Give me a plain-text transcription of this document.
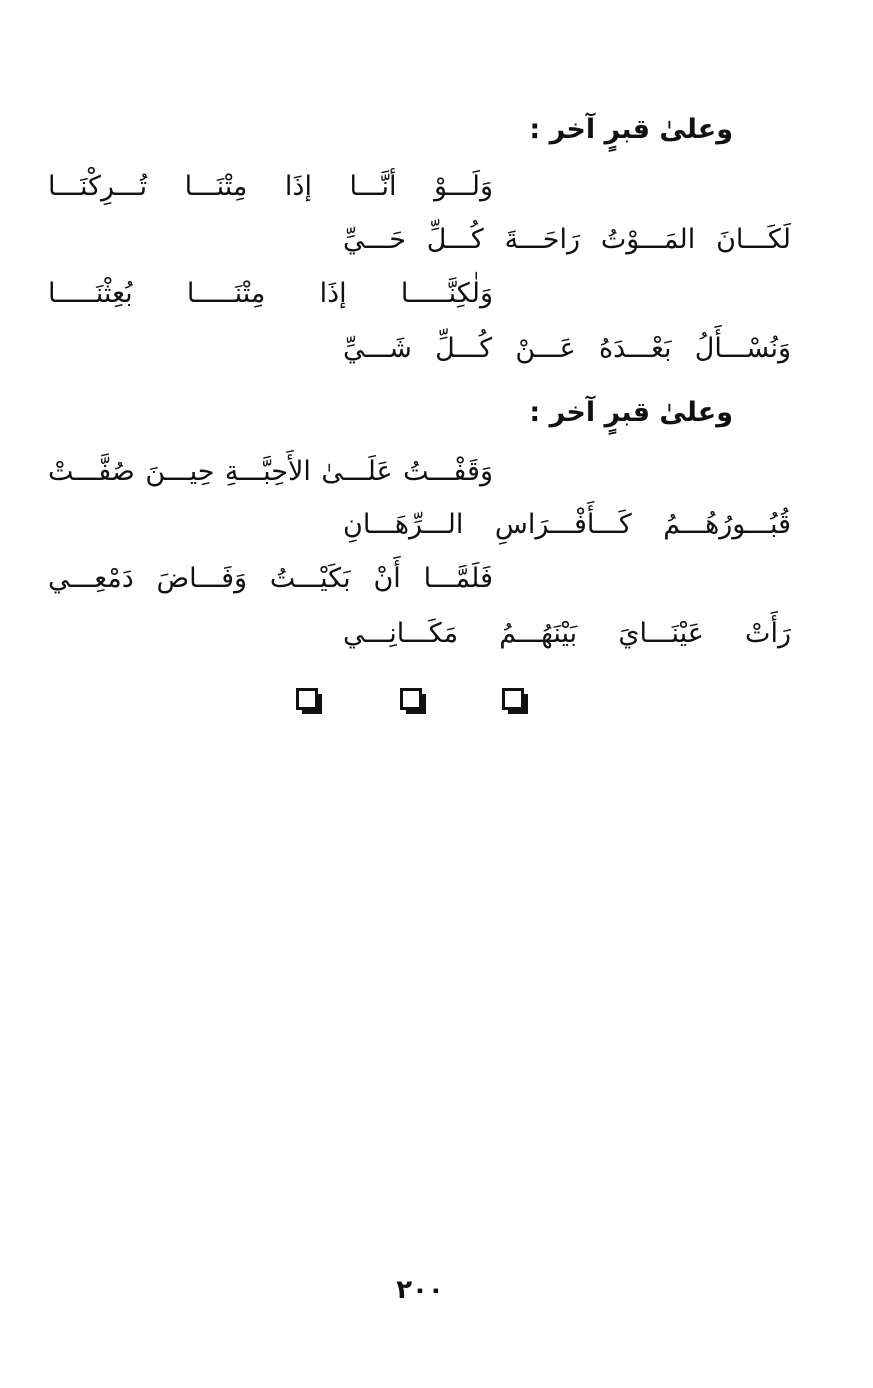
وعلىٰ قبرٍ آخر :
وَلَـــوْ أنَّـــا إذَا مِتْنَـــا تُـــرِكْنَـــا
لَكَـــانَ المَـــوْتُ رَاحَـــةَ كُـــلِّ حَـــيِّ
وَلٰكِنَّـــــا إذَا مِتْنَـــــا بُعِثْنَـــــا
وَنُسْـــأَلُ بَعْـــدَهُ عَـــنْ كُـــلِّ شَـــيِّ
وعلىٰ قبرٍ آخر :
وَقَفْـــتُ عَلَـــىٰ الأَحِبَّـــةِ حِيـــنَ صُفَّـــتْ
قُبُـــورُهُـــمُ كَـــأَفْـــرَاسِ الـــرِّهَـــانِ
فَلَمَّـــا أَنْ بَكَيْـــتُ وَفَـــاضَ دَمْعِـــي
رَأَتْ عَيْنَـــايَ بَيْنَهُـــمُ مَكَـــانِـــي
٢٠٠
